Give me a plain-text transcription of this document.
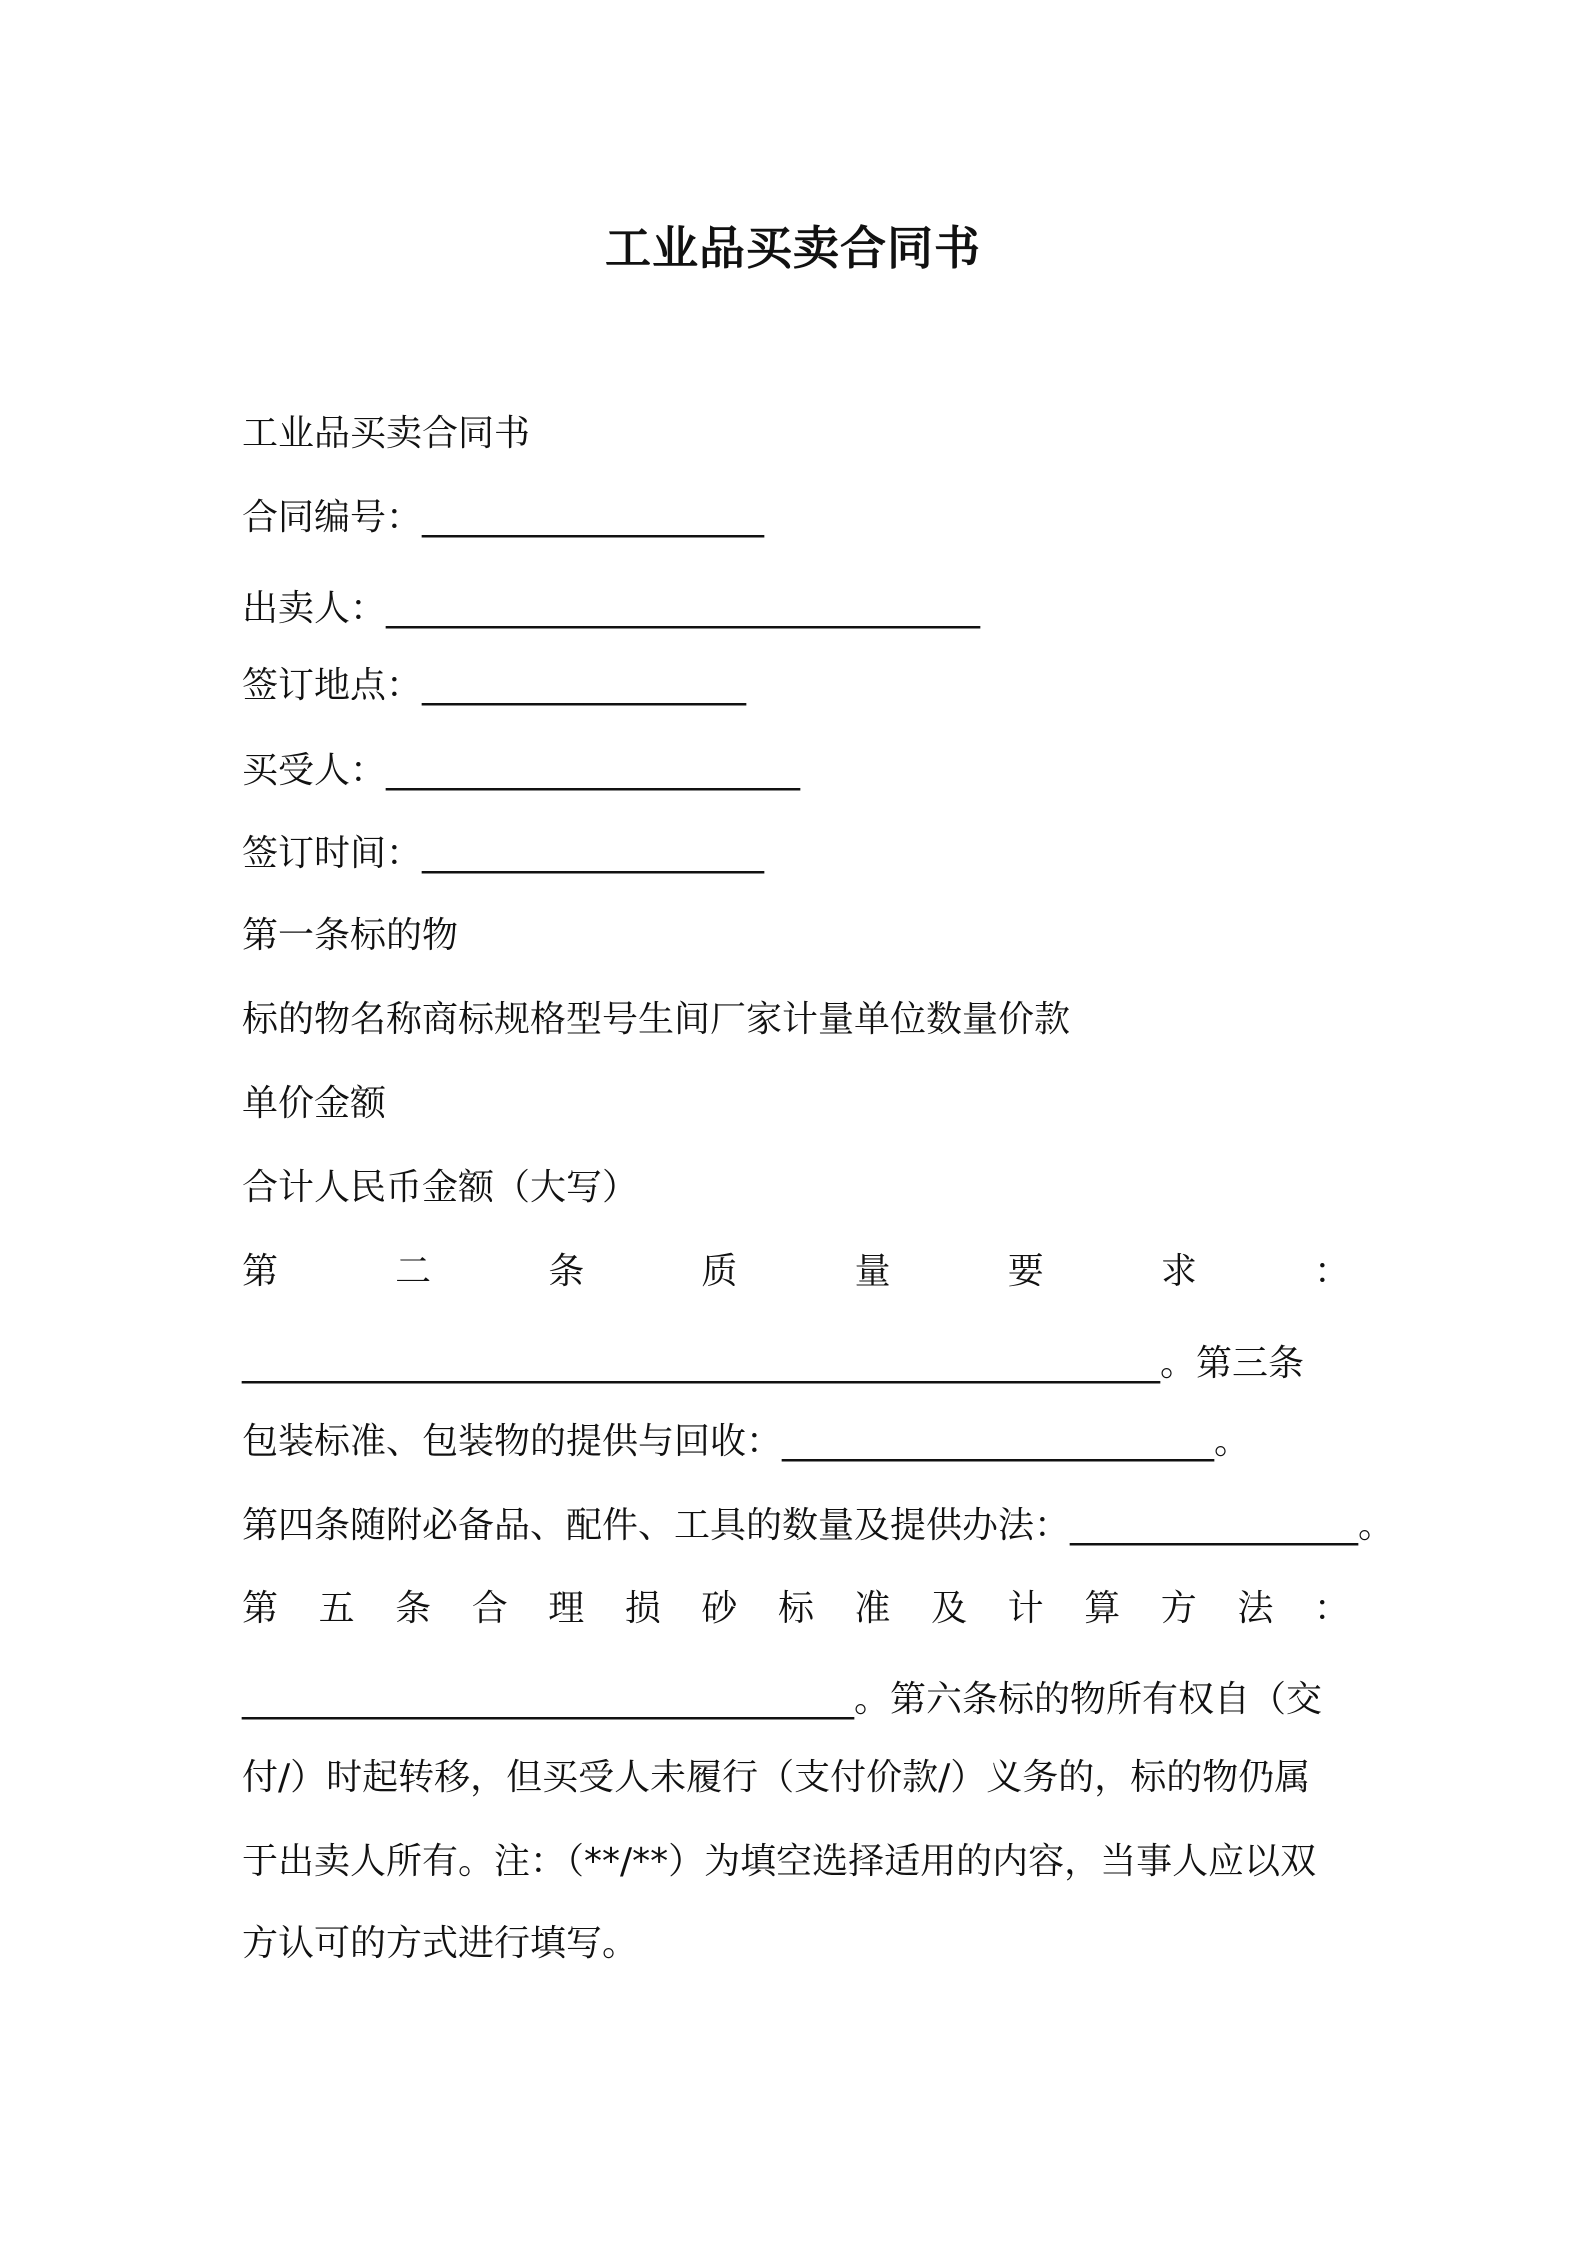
工业品买卖合同书
工业品买卖合同书
合同编号：___________________
出卖人：_________________________________
签订地点：__________________
买受人：_______________________
签订时间：___________________
第一条标的物
标的物名称商标规格型号生间厂家计量单位数量价款
单价金额
合计人民币金额（大写）
第	二	条	质	量	要	求	：
___________________________________________________。第三条
包装标准、包装物的提供与回收：________________________。
第四条随附必备品、配件、工具的数量及提供办法：________________。
第 五 条 合 理 损 砂 标 准 及 计 算 方 法 ：
__________________________________。第六条标的物所有权自（交
付/）时起转移，但买受人未履行（支付价款/）义务的，标的物仍属
于出卖人所有。注：（**/**）为填空选择适用的内容，当事人应以双
方认可的方式进行填写。
